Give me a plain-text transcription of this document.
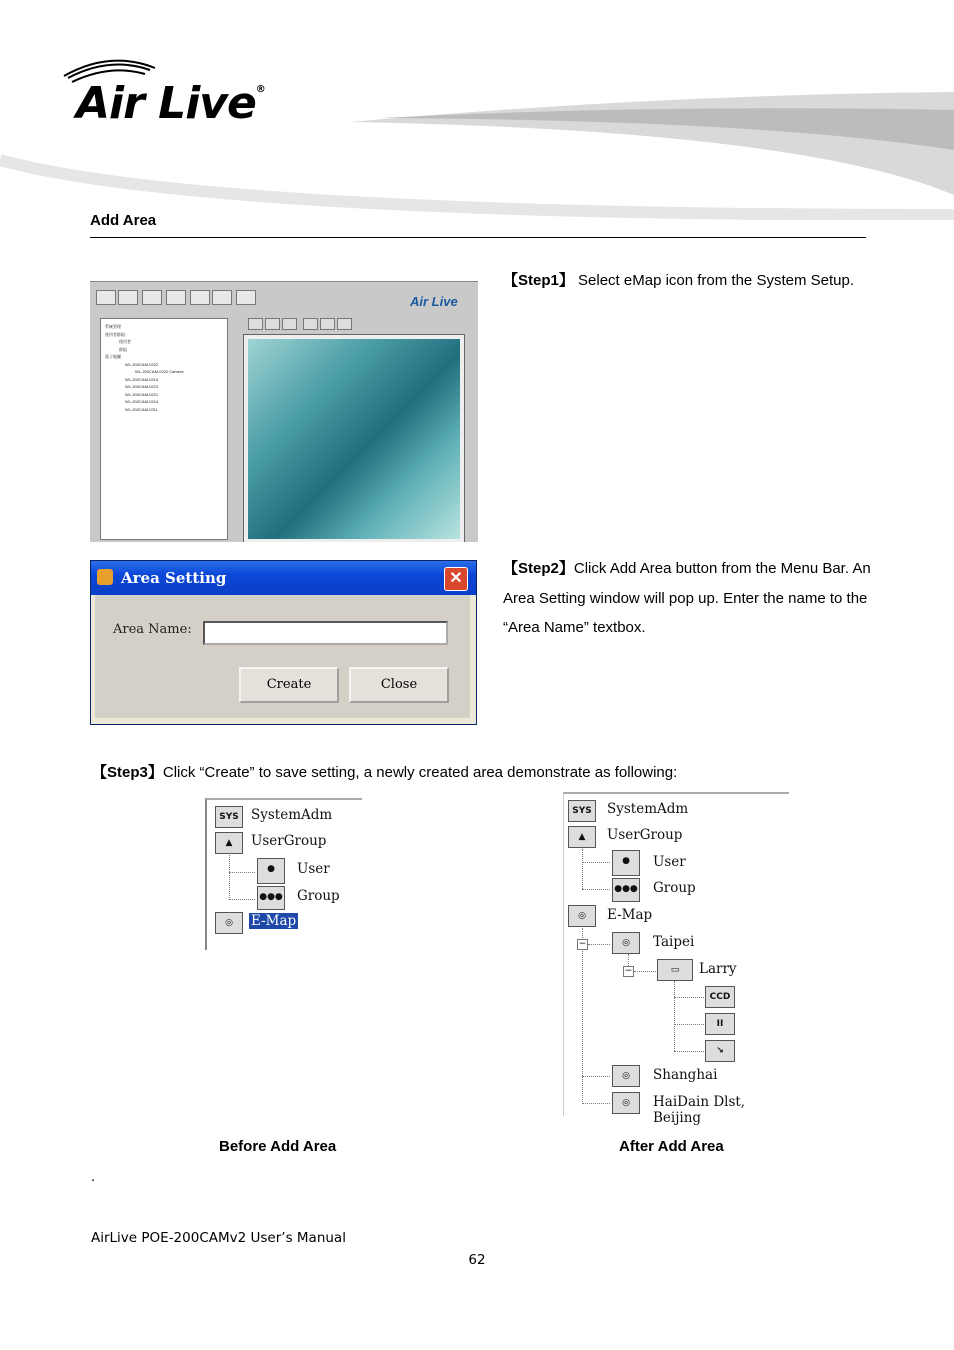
Air Live®
Add Area
Air Live
系統管理
使用者群組
使用者
群組
電子地圖
WL-200CAM-0222
WL-200CAM-0222 Camera
WL-200CAM-0215
WL-200CAM-0223
WL-200CAM-0221
WL-200CAM-0224
WL-200CAM-0211
【Step1】 Select eMap icon from the System Setup.
Area Setting	✕
Area Name:
Create	Close
【Step2】Click Add Area button from the Menu Bar. An Area Setting window will pop up. Enter the name to the “Area Name” textbox.
【Step3】Click “Create” to save setting, a newly created area demonstrate as following:
SYS SystemAdm
▲	UserGroup
●	User
●●● Group
◎	E-Map
SYS	SystemAdm
▲	UserGroup
●	User
●●● Group
◎	E-Map
−	◎	Taipei
−	▭	Larry
CCD
II
↘
◎	Shanghai
◎	HaiDain Dlst, Beijing
Before Add Area	After Add Area
.
AirLive POE-200CAMv2 User’s Manual
62
